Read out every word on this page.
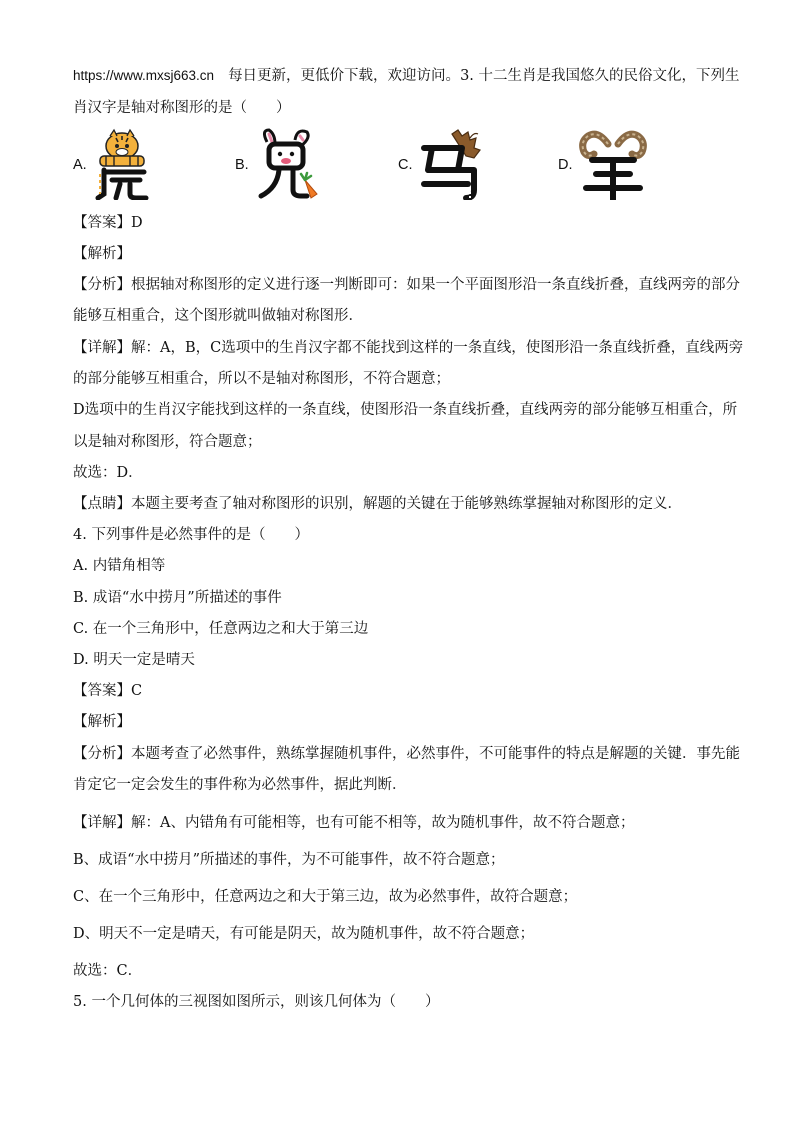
https://www.mxsj663.cn 每日更新，更低价下载，欢迎访问。3. 十二生肖是我国悠久的民俗文化，下列生
肖汉字是轴对称图形的是（　　）
A.	B.	C.	D.
【答案】D
【解析】
【分析】根据轴对称图形的定义进行逐一判断即可：如果一个平面图形沿一条直线折叠，直线两旁的部分
能够互相重合，这个图形就叫做轴对称图形．
【详解】解：A，B，C选项中的生肖汉字都不能找到这样的一条直线，使图形沿一条直线折叠，直线两旁
的部分能够互相重合，所以不是轴对称图形，不符合题意；
D选项中的生肖汉字能找到这样的一条直线，使图形沿一条直线折叠，直线两旁的部分能够互相重合，所
以是轴对称图形，符合题意；
故选：D．
【点睛】本题主要考查了轴对称图形的识别，解题的关键在于能够熟练掌握轴对称图形的定义．
4. 下列事件是必然事件的是（　　）
A. 内错角相等
B. 成语“水中捞月”所描述的事件
C. 在一个三角形中，任意两边之和大于第三边
D. 明天一定是晴天
【答案】C
【解析】
【分析】本题考查了必然事件，熟练掌握随机事件，必然事件，不可能事件的特点是解题的关键．事先能
肯定它一定会发生的事件称为必然事件，据此判断．
【详解】解：A、内错角有可能相等，也有可能不相等，故为随机事件，故不符合题意；
B、成语“水中捞月”所描述的事件，为不可能事件，故不符合题意；
C、在一个三角形中，任意两边之和大于第三边，故为必然事件，故符合题意；
D、明天不一定是晴天，有可能是阴天，故为随机事件，故不符合题意；
故选：C．
5. 一个几何体的三视图如图所示，则该几何体为（　　）
